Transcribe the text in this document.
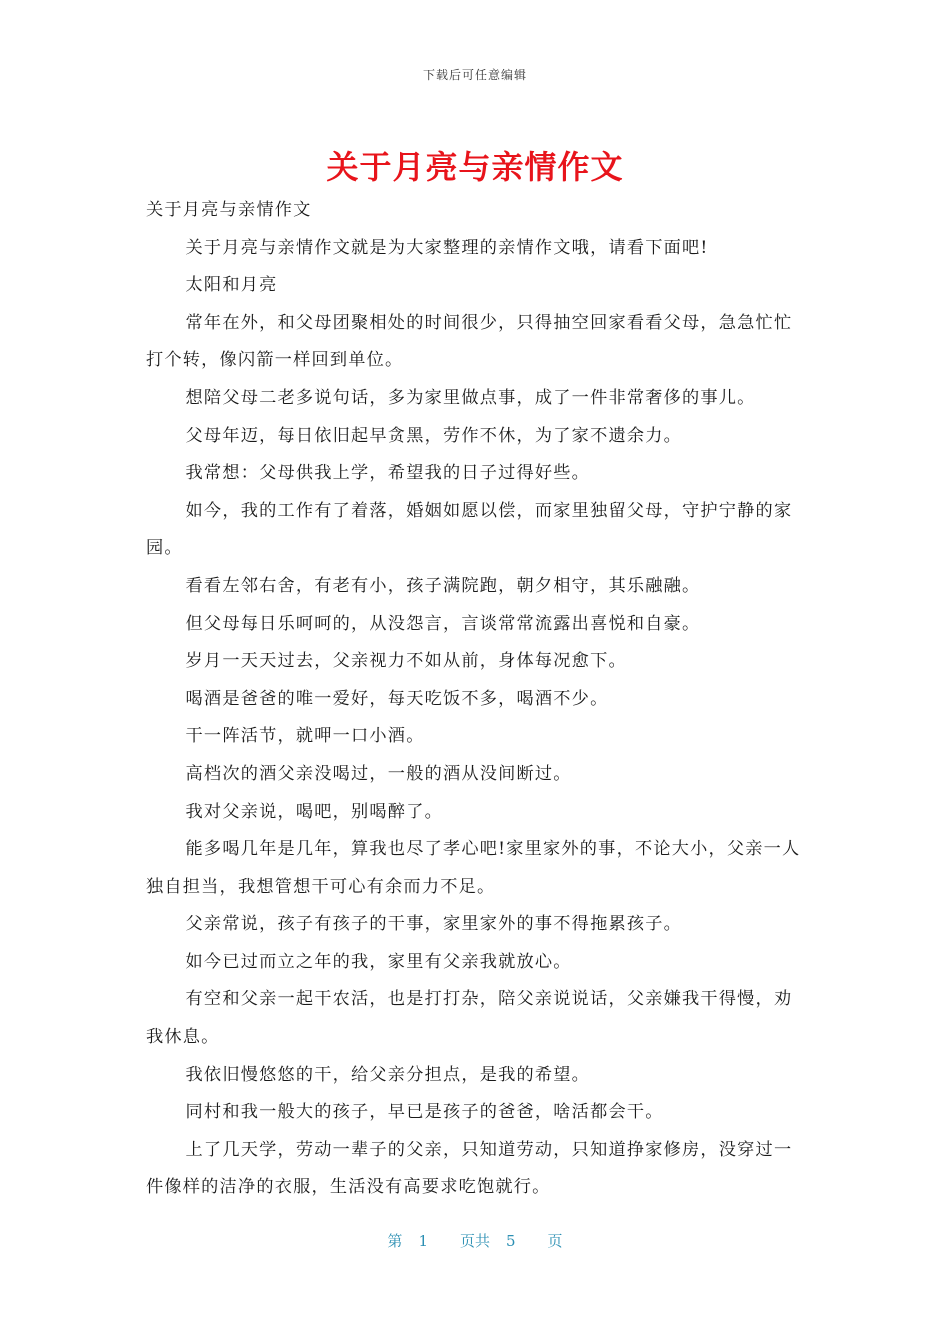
下载后可任意编辑
关于月亮与亲情作文

关于月亮与亲情作文

关于月亮与亲情作文就是为大家整理的亲情作文哦，请看下面吧!

太阳和月亮

常年在外，和父母团聚相处的时间很少，只得抽空回家看看父母，急急忙忙打个转，像闪箭一样回到单位。

想陪父母二老多说句话，多为家里做点事，成了一件非常奢侈的事儿。

父母年迈，每日依旧起早贪黑，劳作不休，为了家不遗余力。

我常想：父母供我上学，希望我的日子过得好些。

如今，我的工作有了着落，婚姻如愿以偿，而家里独留父母，守护宁静的家园。

看看左邻右舍，有老有小，孩子满院跑，朝夕相守，其乐融融。

但父母每日乐呵呵的，从没怨言，言谈常常流露出喜悦和自豪。

岁月一天天过去，父亲视力不如从前，身体每况愈下。

喝酒是爸爸的唯一爱好，每天吃饭不多，喝酒不少。

干一阵活节，就呷一口小酒。

高档次的酒父亲没喝过，一般的酒从没间断过。

我对父亲说，喝吧，别喝醉了。

能多喝几年是几年，算我也尽了孝心吧!家里家外的事，不论大小，父亲一人独自担当，我想管想干可心有余而力不足。

父亲常说，孩子有孩子的干事，家里家外的事不得拖累孩子。

如今已过而立之年的我，家里有父亲我就放心。

有空和父亲一起干农活，也是打打杂，陪父亲说说话，父亲嫌我干得慢，劝我休息。

我依旧慢悠悠的干，给父亲分担点，是我的希望。

同村和我一般大的孩子，早已是孩子的爸爸，啥活都会干。

上了几天学，劳动一辈子的父亲，只知道劳动，只知道挣家修房，没穿过一件像样的洁净的衣服，生活没有高要求吃饱就行。

第 1 页共 5 页
